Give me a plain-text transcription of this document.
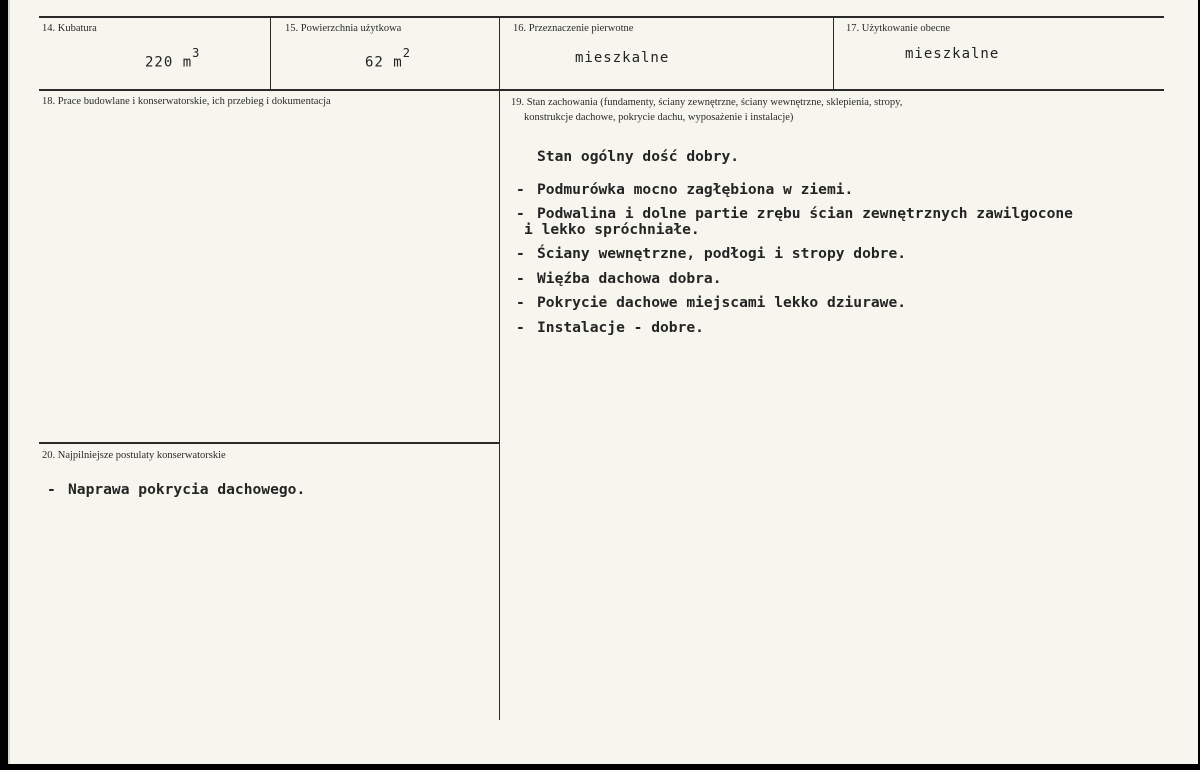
14. Kubatura
220 $m^3$
15. Powierzchnia użytkowa
62 $m^2$
16. Przeznaczenie pierwotne
mieszkalne
17. Użytkowanie obecne
mieszkalne
18. Prace budowlane i konserwatorskie, ich przebieg i dokumentacja	19. Stan zachowania (fundamenty, ściany zewnętrzne, ściany wewnętrzne, sklepienia, stropy,
konstrukcje dachowe, pokrycie dachu, wyposażenie i instalacje)
Stan ogólny dość dobry.
- Podmurówka mocno zagłębiona w ziemi.
- Podwalina i dolne partie zrębu ścian zewnętrznych zawilgocone
i lekko spróchniałe.
- Ściany wewnętrzne, podłogi i stropy dobre.
- Więźba dachowa dobra.
- Pokrycie dachowe miejscami lekko dziurawe.
- Instalacje - dobre.
20. Najpilniejsze postulaty konserwatorskie
- Naprawa pokrycia dachowego.
